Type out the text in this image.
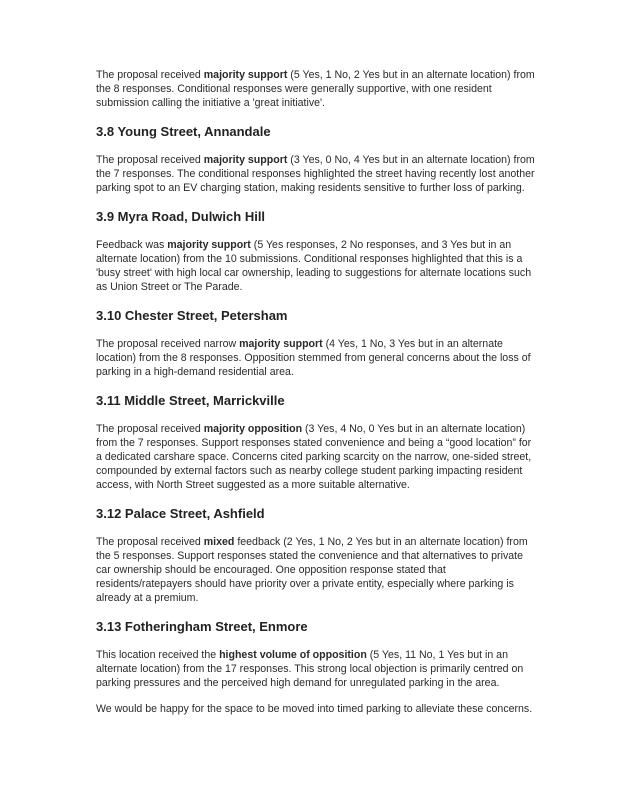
The proposal received majority support (5 Yes, 1 No, 2 Yes but in an alternate location) from the 8 responses. Conditional responses were generally supportive, with one resident submission calling the initiative a 'great initiative'.

3.8 Young Street, Annandale

The proposal received majority support (3 Yes, 0 No, 4 Yes but in an alternate location) from the 7 responses. The conditional responses highlighted the street having recently lost another parking spot to an EV charging station, making residents sensitive to further loss of parking.

3.9 Myra Road, Dulwich Hill

Feedback was majority support (5 Yes responses, 2 No responses, and 3 Yes but in an alternate location) from the 10 submissions. Conditional responses highlighted that this is a 'busy street' with high local car ownership, leading to suggestions for alternate locations such as Union Street or The Parade.

3.10 Chester Street, Petersham

The proposal received narrow majority support (4 Yes, 1 No, 3 Yes but in an alternate location) from the 8 responses. Opposition stemmed from general concerns about the loss of parking in a high-demand residential area.

3.11 Middle Street, Marrickville

The proposal received majority opposition (3 Yes, 4 No, 0 Yes but in an alternate location) from the 7 responses. Support responses stated convenience and being a “good location” for a dedicated carshare space. Concerns cited parking scarcity on the narrow, one-sided street, compounded by external factors such as nearby college student parking impacting resident access, with North Street suggested as a more suitable alternative.

3.12 Palace Street, Ashfield

The proposal received mixed feedback (2 Yes, 1 No, 2 Yes but in an alternate location) from the 5 responses. Support responses stated the convenience and that alternatives to private car ownership should be encouraged. One opposition response stated that residents/ratepayers should have priority over a private entity, especially where parking is already at a premium.

3.13 Fotheringham Street, Enmore

This location received the highest volume of opposition (5 Yes, 11 No, 1 Yes but in an alternate location) from the 17 responses. This strong local objection is primarily centred on parking pressures and the perceived high demand for unregulated parking in the area.

We would be happy for the space to be moved into timed parking to alleviate these concerns.
